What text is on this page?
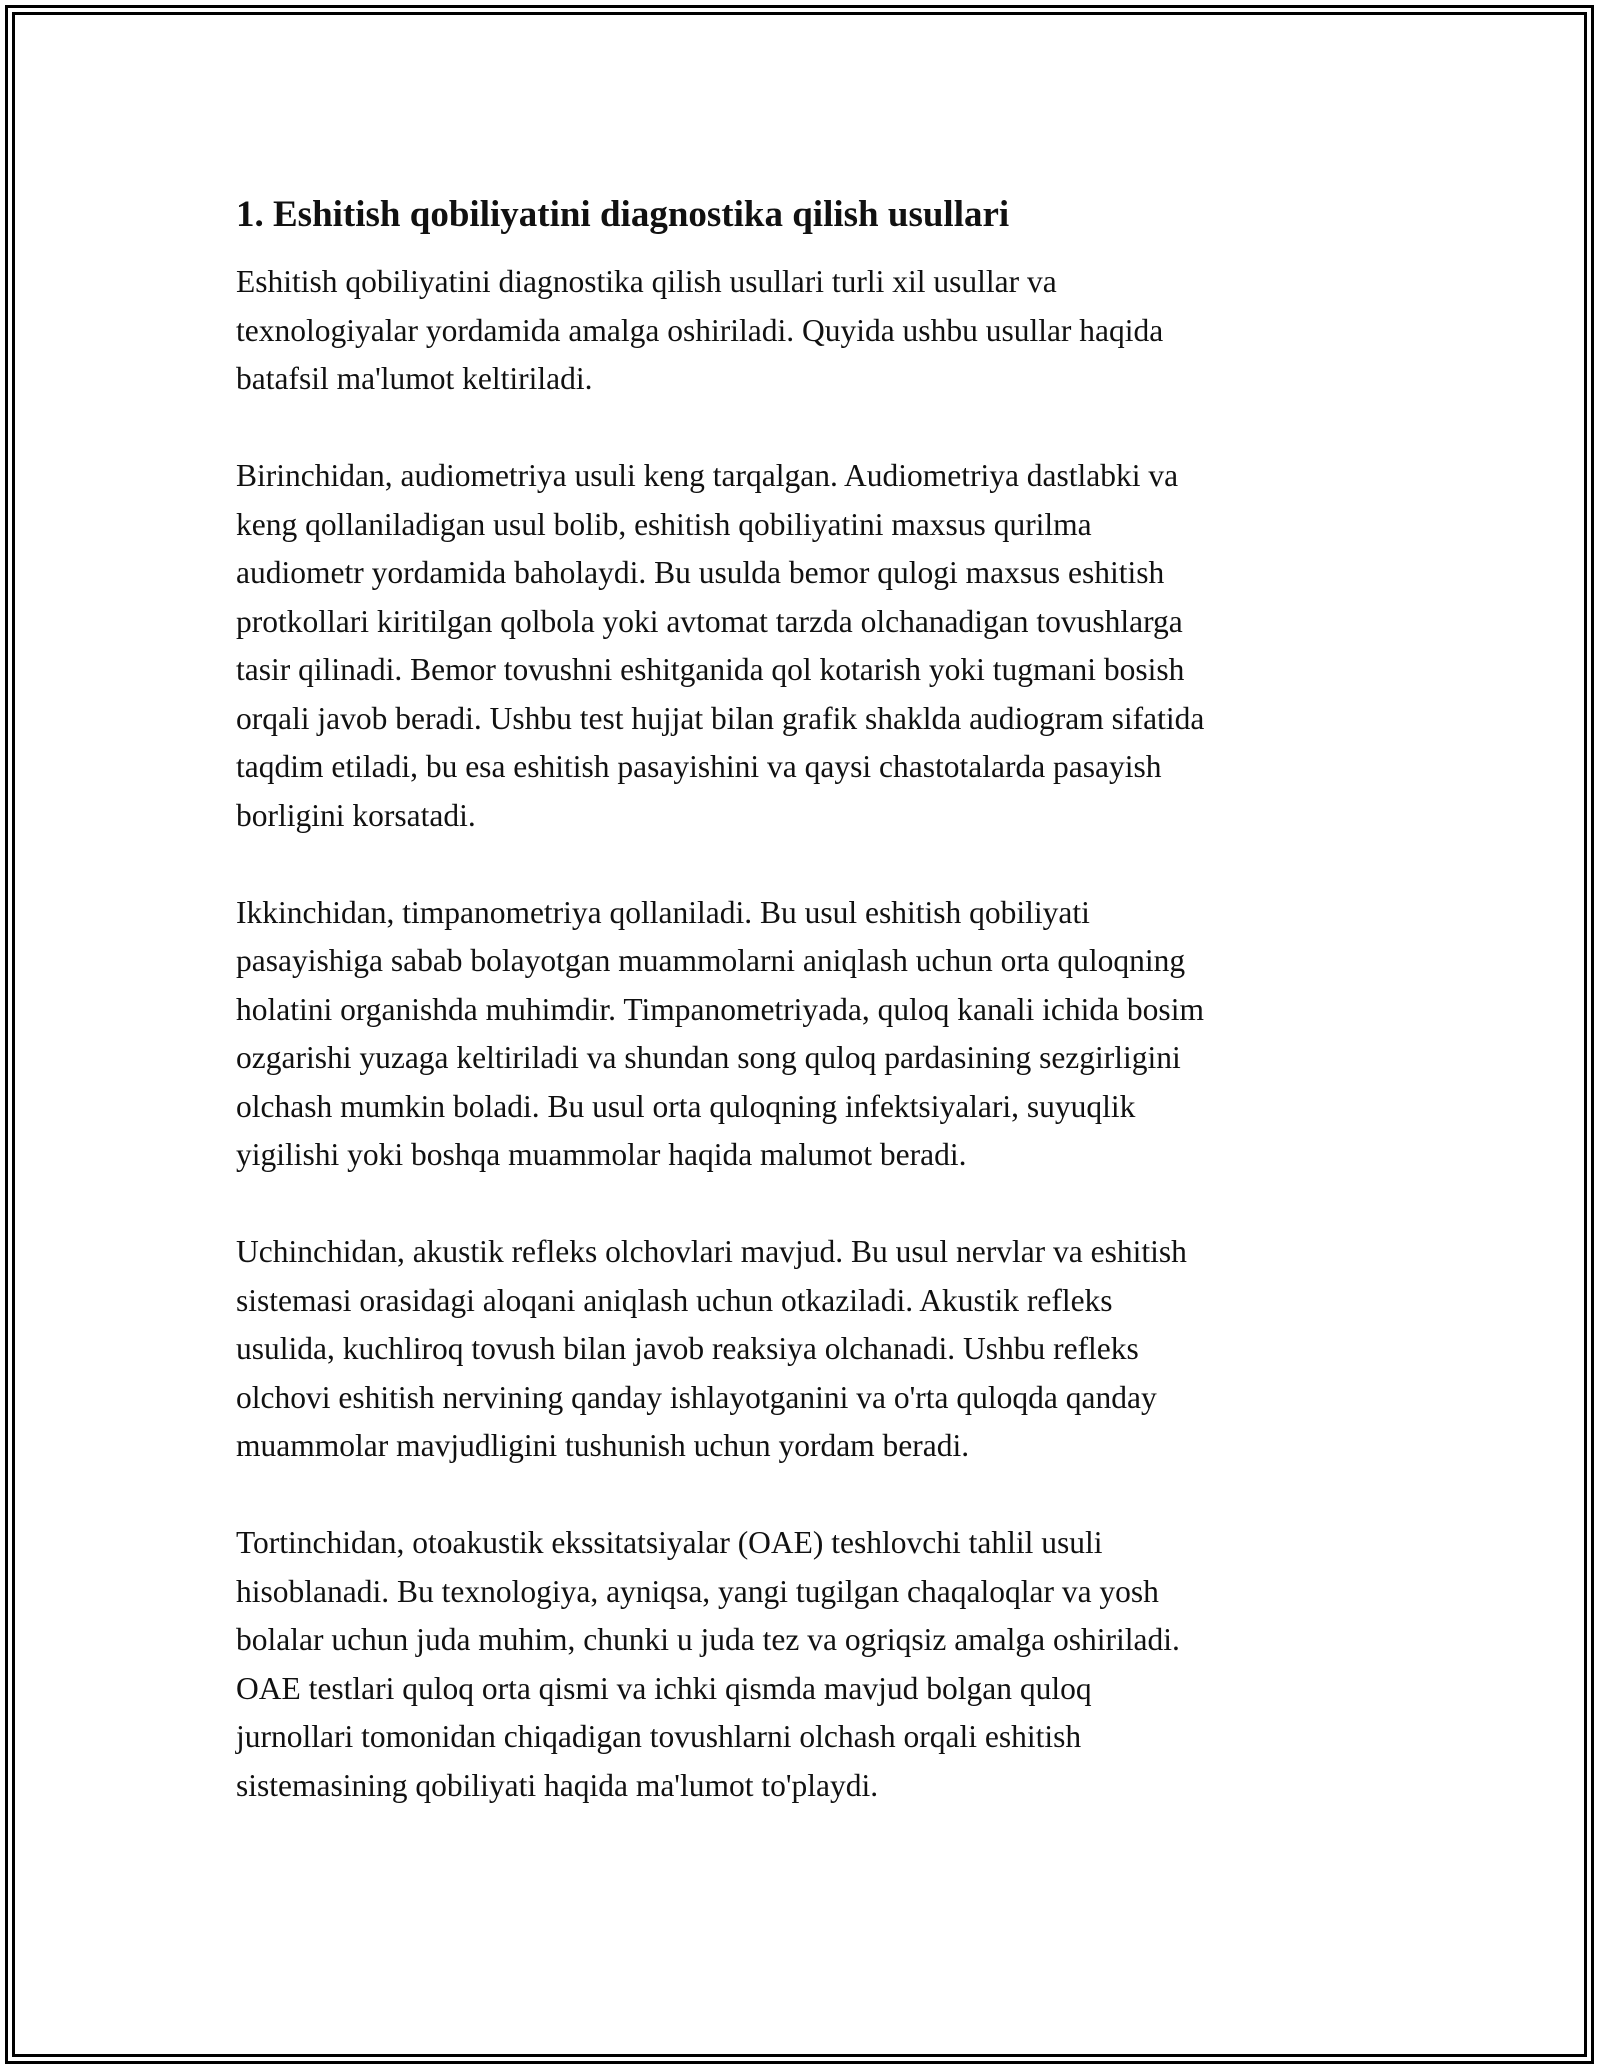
1. Eshitish qobiliyatini diagnostika qilish usullari

Eshitish qobiliyatini diagnostika qilish usullari turli xil usullar va
texnologiyalar yordamida amalga oshiriladi. Quyida ushbu usullar haqida
batafsil ma'lumot keltiriladi.

Birinchidan, audiometriya usuli keng tarqalgan. Audiometriya dastlabki va
keng qollaniladigan usul bolib, eshitish qobiliyatini maxsus qurilma
audiometr yordamida baholaydi. Bu usulda bemor qulogi maxsus eshitish
protkollari kiritilgan qolbola yoki avtomat tarzda olchanadigan tovushlarga
tasir qilinadi. Bemor tovushni eshitganida qol kotarish yoki tugmani bosish
orqali javob beradi. Ushbu test hujjat bilan grafik shaklda audiogram sifatida
taqdim etiladi, bu esa eshitish pasayishini va qaysi chastotalarda pasayish
borligini korsatadi.

Ikkinchidan, timpanometriya qollaniladi. Bu usul eshitish qobiliyati
pasayishiga sabab bolayotgan muammolarni aniqlash uchun orta quloqning
holatini organishda muhimdir. Timpanometriyada, quloq kanali ichida bosim
ozgarishi yuzaga keltiriladi va shundan song quloq pardasining sezgirligini
olchash mumkin boladi. Bu usul orta quloqning infektsiyalari, suyuqlik
yigilishi yoki boshqa muammolar haqida malumot beradi.

Uchinchidan, akustik refleks olchovlari mavjud. Bu usul nervlar va eshitish
sistemasi orasidagi aloqani aniqlash uchun otkaziladi. Akustik refleks
usulida, kuchliroq tovush bilan javob reaksiya olchanadi. Ushbu refleks
olchovi eshitish nervining qanday ishlayotganini va o'rta quloqda qanday
muammolar mavjudligini tushunish uchun yordam beradi.

Tortinchidan, otoakustik ekssitatsiyalar (OAE) teshlovchi tahlil usuli
hisoblanadi. Bu texnologiya, ayniqsa, yangi tugilgan chaqaloqlar va yosh
bolalar uchun juda muhim, chunki u juda tez va ogriqsiz amalga oshiriladi.
OAE testlari quloq orta qismi va ichki qismda mavjud bolgan quloq
jurnollari tomonidan chiqadigan tovushlarni olchash orqali eshitish
sistemasining qobiliyati haqida ma'lumot to'playdi.
